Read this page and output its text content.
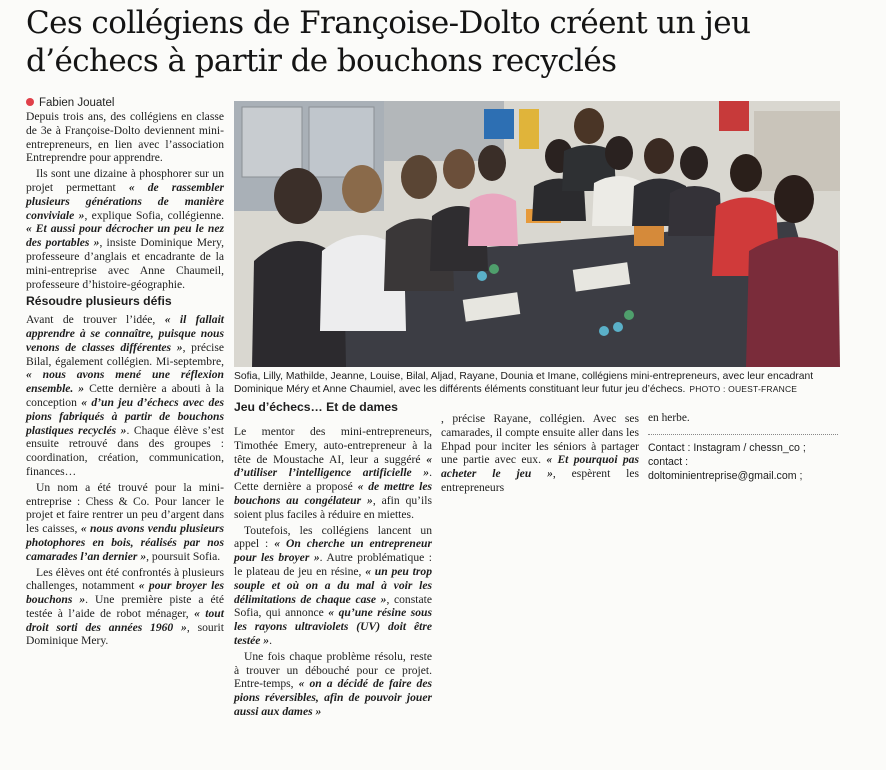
Ces collégiens de Françoise-Dolto créent un jeu d’échecs à partir de bouchons recyclés
Fabien Jouatel

Depuis trois ans, des collégiens en classe de 3e à Françoise-Dolto deviennent mini-entrepreneurs, en lien avec l’association Entreprendre pour apprendre.

Ils sont une dizaine à phosphorer sur un projet permettant « de rassembler plusieurs générations de manière conviviale », explique Sofia, collégienne. « Et aussi pour décrocher un peu le nez des portables », insiste Dominique Mery, professeure d’anglais et encadrante de la mini-entreprise avec Anne Chaumeil, professeure d’histoire-géographie.

Résoudre plusieurs défis

Avant de trouver l’idée, « il fallait apprendre à se connaître, puisque nous venons de classes différentes », précise Bilal, également collégien. Mi-septembre, « nous avons mené une réflexion ensemble. » Cette dernière a abouti à la conception « d’un jeu d’échecs avec des pions fabriqués à partir de bouchons plastiques recyclés ». Chaque élève s’est ensuite retrouvé dans des groupes : coordination, création, communication, finances…

Un nom a été trouvé pour la mini-entreprise : Chess & Co. Pour lancer le projet et faire rentrer un peu d’argent dans les caisses, « nous avons vendu plusieurs photophores en bois, réalisés par nos camarades l’an dernier », poursuit Sofia.

Les élèves ont été confrontés à plusieurs challenges, notamment « pour broyer les bouchons ». Une première piste a été testée à l’aide de robot ménager, « tout droit sorti des années 1960 », sourit Dominique Mery.

Sofia, Lilly, Mathilde, Jeanne, Louise, Bilal, Aljad, Rayane, Dounia et Imane, collégiens mini-entrepreneurs, avec leur encadrant Dominique Méry et Anne Chaumiel, avec les différents éléments constituant leur futur jeu d’échecs. PHOTO : OUEST-FRANCE
Jeu d’échecs… Et de dames

Le mentor des mini-entrepreneurs, Timothée Emery, auto-entrepreneur à la tête de Moustache AI, leur a suggéré « d’utiliser l’intelligence artificielle ». Cette dernière a proposé « de mettre les bouchons au congélateur », afin qu’ils soient plus faciles à réduire en miettes.

Toutefois, les collégiens lancent un appel : « On cherche un entrepreneur pour les broyer ». Autre problématique : le plateau de jeu en résine, « un peu trop souple et où on a du mal à voir les délimitations de chaque case », constate Sofia, qui annonce « qu’une résine sous les rayons ultraviolets (UV) doit être testée ».

Une fois chaque problème résolu, reste à trouver un débouché pour ce projet. Entre-temps, « on a décidé de faire des pions réversibles, afin de pouvoir jouer aussi aux dames »

, précise Rayane, collégien. Avec ses camarades, il compte ensuite aller dans les Ehpad pour inciter les séniors à partager une partie avec eux. « Et pourquoi pas acheter le jeu », espèrent les entrepreneurs

en herbe.

Contact : Instagram / chessn_co ;
contact :
doltominientreprise@gmail.com ;
